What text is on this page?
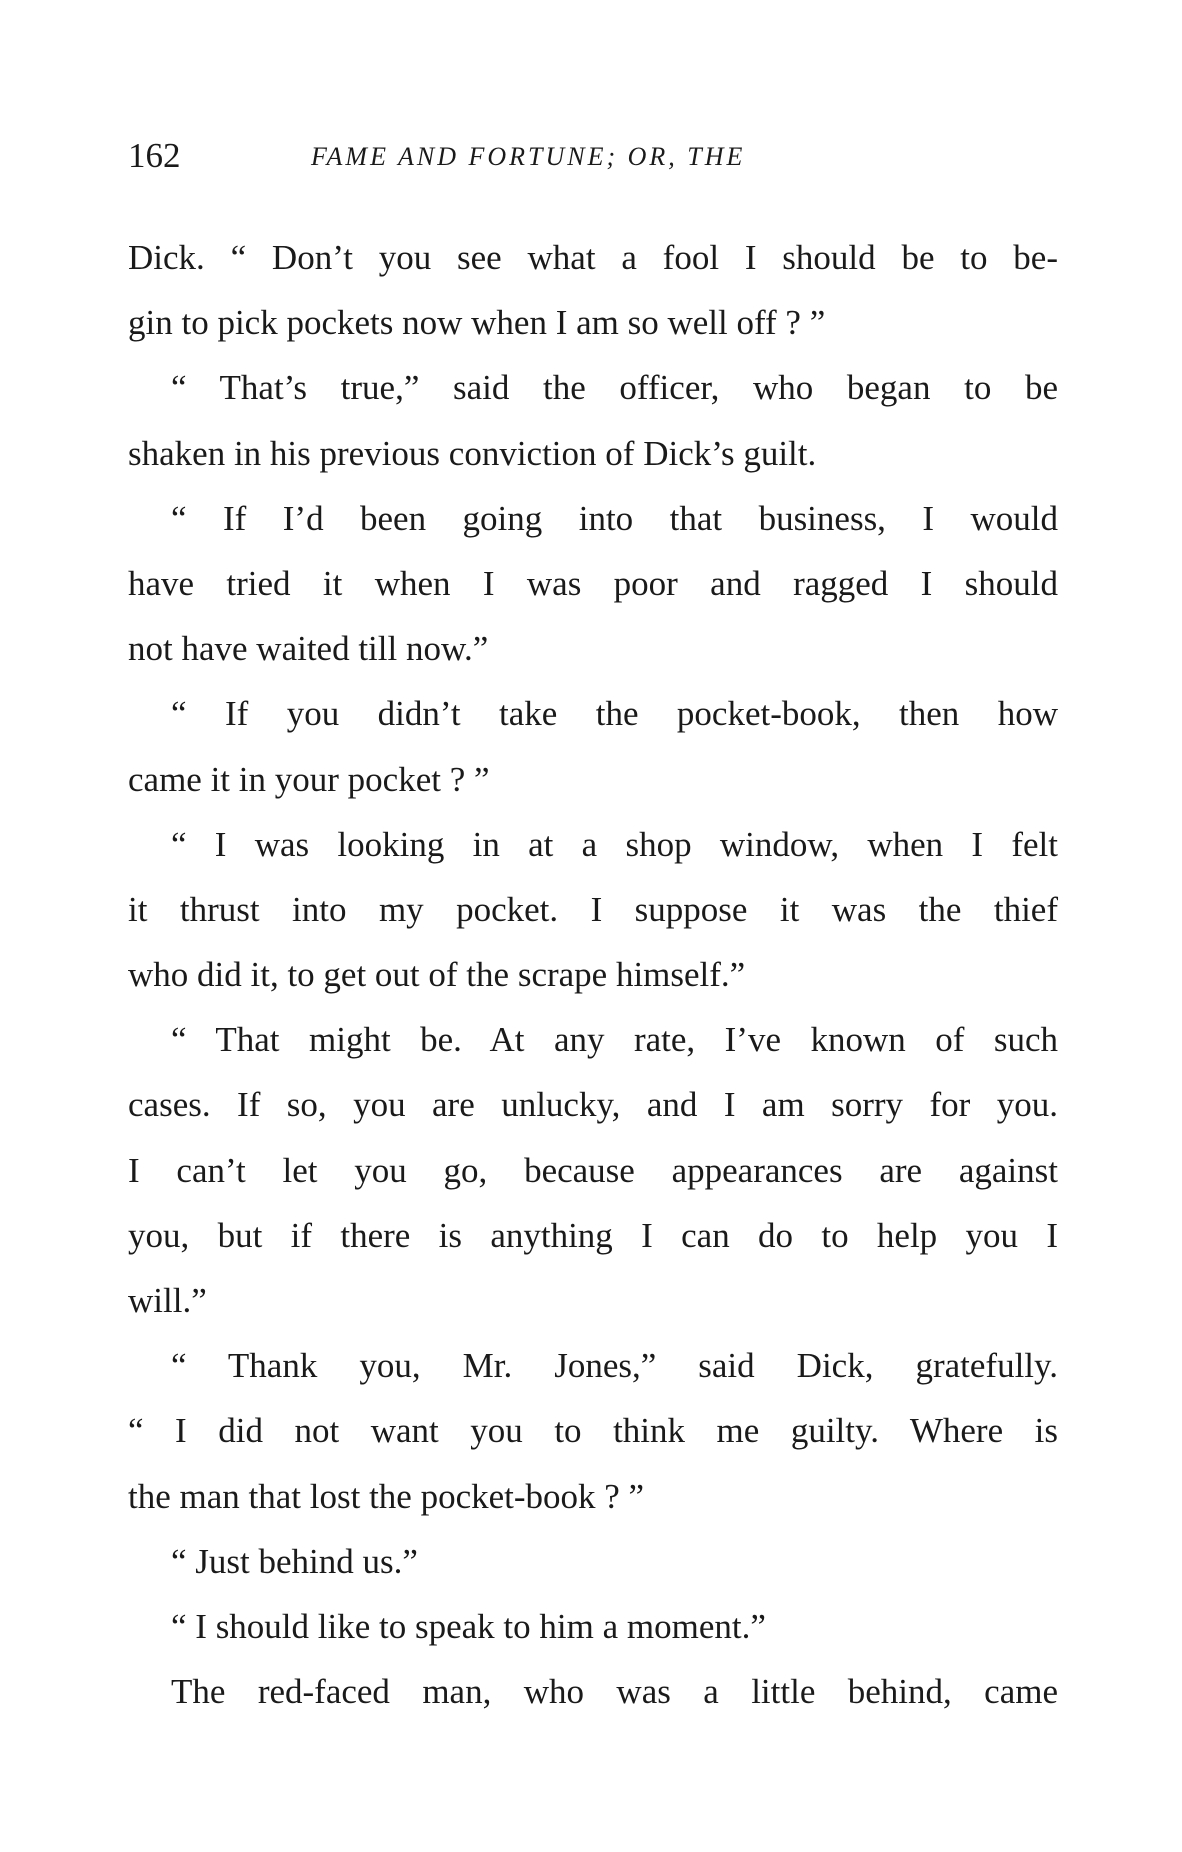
162	FAME AND FORTUNE; OR, THE
Dick. “ Don’t you see what a fool I should be to be-
gin to pick pockets now when I am so well off ? ”
“ That’s true,” said the officer, who began to be
shaken in his previous conviction of Dick’s guilt.
“ If I’d been going into that business, I would
have tried it when I was poor and ragged I should
not have waited till now.”
“ If you didn’t take the pocket-book, then how
came it in your pocket ? ”
“ I was looking in at a shop window, when I felt
it thrust into my pocket. I suppose it was the thief
who did it, to get out of the scrape himself.”
“ That might be. At any rate, I’ve known of such
cases. If so, you are unlucky, and I am sorry for you.
I can’t let you go, because appearances are against
you, but if there is anything I can do to help you I
will.”
“ Thank you, Mr. Jones,” said Dick, gratefully.
“ I did not want you to think me guilty. Where is
the man that lost the pocket-book ? ”
“ Just behind us.”
“ I should like to speak to him a moment.”
The red-faced man, who was a little behind, came
